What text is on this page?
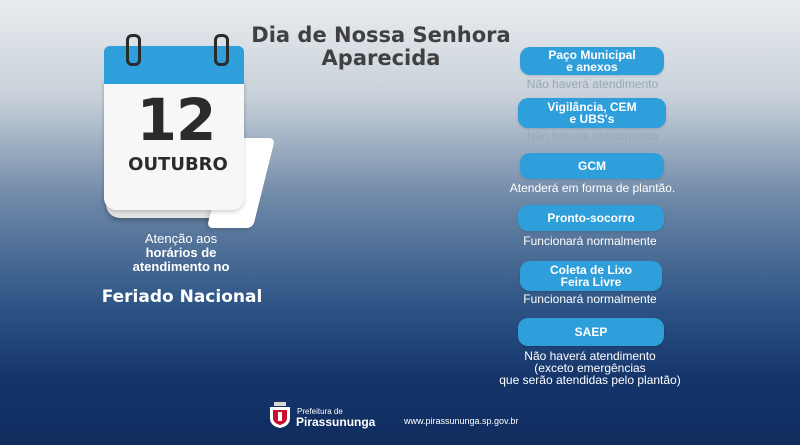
Dia de Nossa Senhora
Aparecida
12
OUTUBRO
Atenção aos
horários de
atendimento no
Feriado Nacional
Paço Municipal
e anexos
Não haverá atendimento
Vigilância, CEM
e UBS's
Não haverá atendimento
GCM
Atenderá em forma de plantão.
Pronto-socorro
Funcionará normalmente
Coleta de Lixo
Feira Livre
Funcionará normalmente
SAEP
Não haverá atendimento
(exceto emergências
que serão atendidas pelo plantão)
Prefeitura de
Pirassununga	www.pirassununga.sp.gov.br
